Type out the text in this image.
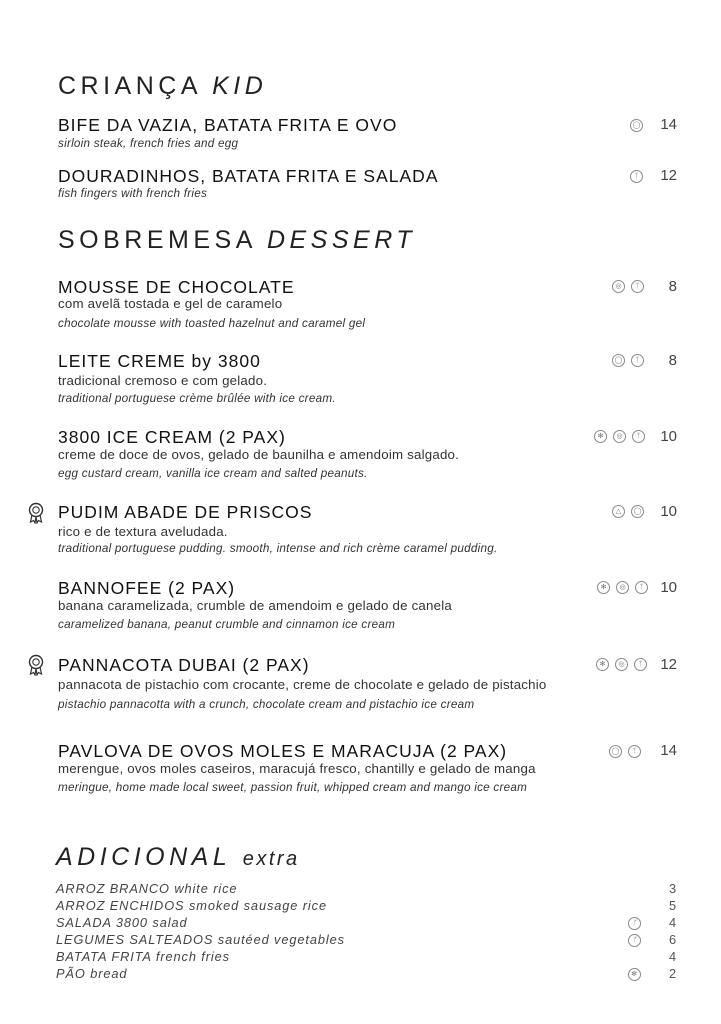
CRIANÇA KID
BIFE DA VAZIA, BATATA FRITA E OVO
sirloin steak, french fries and egg
◯ 14
DOURADINHOS, BATATA FRITA E SALADA
fish fingers with french fries
ᛉ 12
SOBREMESA DESSERT
MOUSSE DE CHOCOLATE
com avelã tostada e gel de caramelo
chocolate mousse with toasted hazelnut and caramel gel
◎	ᛉ 8
LEITE CREME by 3800
tradicional cremoso e com gelado.
traditional portuguese crème brûlée with ice cream.
◯	ᛉ 8
3800 ICE CREAM (2 PAX)
creme de doce de ovos, gelado de baunilha e amendoim salgado.
egg custard cream, vanilla ice cream and salted peanuts.
✻	◎	ᛉ 10
PUDIM ABADE DE PRISCOS
rico e de textura aveludada.
traditional portuguese pudding. smooth, intense and rich crème caramel pudding.
△	◯ 10
BANNOFEE (2 PAX)
banana caramelizada, crumble de amendoim e gelado de canela
caramelized banana, peanut crumble and cinnamon ice cream
✻	◎	ᛉ 10
PANNACOTA DUBAI (2 PAX)
pannacota de pistachio com crocante, creme de chocolate e gelado de pistachio
pistachio pannacotta with a crunch, chocolate cream and pistachio ice cream
✻	◎	ᛉ 12
PAVLOVA DE OVOS MOLES E MARACUJA (2 PAX)
merengue, ovos moles caseiros, maracujá fresco, chantilly e gelado de manga
meringue, home made local sweet, passion fruit, whipped cream and mango ice cream
◯	ᛉ 14
ADICIONAL extra
ARROZ BRANCO white rice	3
ARROZ ENCHIDOS smoked sausage rice	5
SALADA 3800 salad	ᛉ	4
LEGUMES SALTEADOS sautéed vegetables	ᛉ	6
BATATA FRITA french fries	4
PÃO bread	✻ 2
